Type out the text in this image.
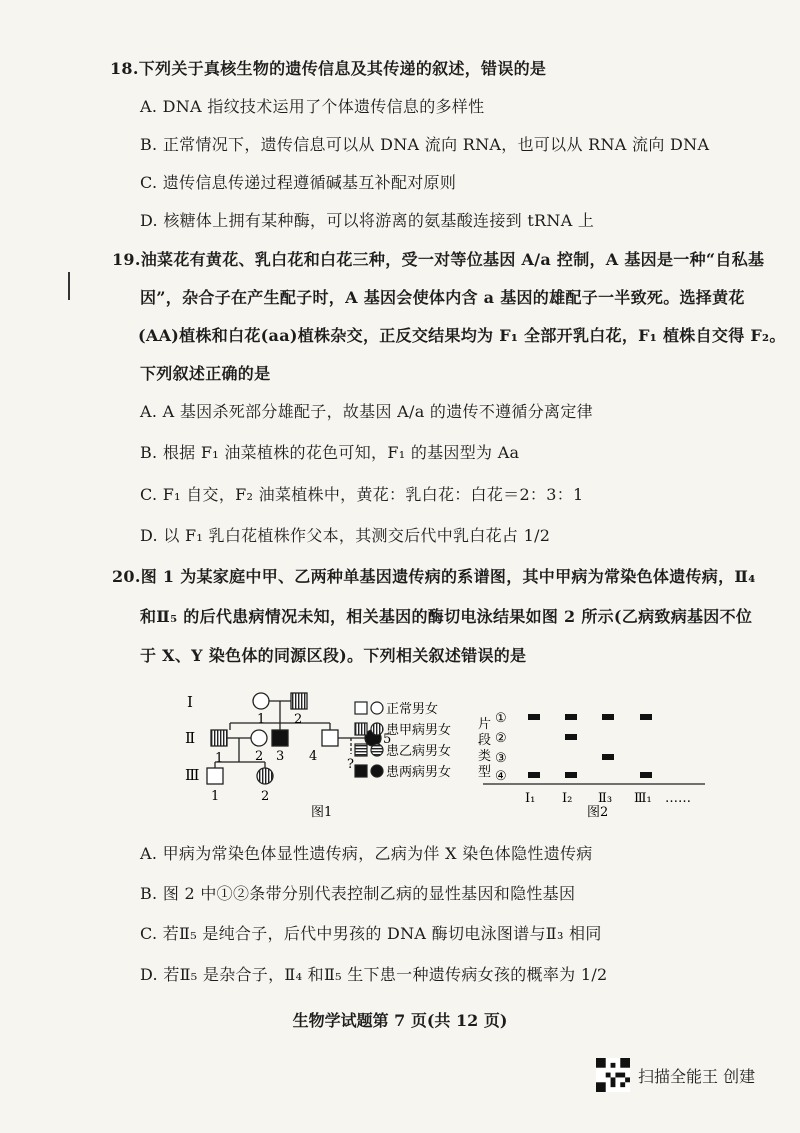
18.下列关于真核生物的遗传信息及其传递的叙述，错误的是
A. DNA 指纹技术运用了个体遗传信息的多样性
B. 正常情况下，遗传信息可以从 DNA 流向 RNA，也可以从 RNA 流向 DNA
C. 遗传信息传递过程遵循碱基互补配对原则
D. 核糖体上拥有某种酶，可以将游离的氨基酸连接到 tRNA 上
19.油菜花有黄花、乳白花和白花三种，受一对等位基因 A/a 控制，A 基因是一种“自私基
因”，杂合子在产生配子时，A 基因会使体内含 a 基因的雄配子一半致死。选择黄花
(AA)植株和白花(aa)植株杂交，正反交结果均为 F₁ 全部开乳白花，F₁ 植株自交得 F₂。
下列叙述正确的是
A. A 基因杀死部分雄配子，故基因 A/a 的遗传不遵循分离定律
B. 根据 F₁ 油菜植株的花色可知，F₁ 的基因型为 Aa
C. F₁ 自交，F₂ 油菜植株中，黄花：乳白花：白花＝2：3：1
D. 以 F₁ 乳白花植株作父本，其测交后代中乳白花占 1/2
20.图 1 为某家庭中甲、乙两种单基因遗传病的系谱图，其中甲病为常染色体遗传病，Ⅱ₄
和Ⅱ₅ 的后代患病情况未知，相关基因的酶切电泳结果如图 2 所示(乙病致病基因不位
于 X、Y 染色体的同源区段)。下列相关叙述错误的是
Ⅰ
Ⅱ
Ⅲ
1 2
1 2 3 4
5
?
1	2
正常男女
患甲病男女
患乙病男女
患两病男女
图1
片
段
类
型
①
②
③
④
Ⅰ₁ Ⅰ₂ Ⅱ₃ Ⅲ₁ ……
图2
A. 甲病为常染色体显性遗传病，乙病为伴 X 染色体隐性遗传病
B. 图 2 中①②条带分别代表控制乙病的显性基因和隐性基因
C. 若Ⅱ₅ 是纯合子，后代中男孩的 DNA 酶切电泳图谱与Ⅱ₃ 相同
D. 若Ⅱ₅ 是杂合子，Ⅱ₄ 和Ⅱ₅ 生下患一种遗传病女孩的概率为 1/2
生物学试题第 7 页(共 12 页)
扫描全能王 创建
